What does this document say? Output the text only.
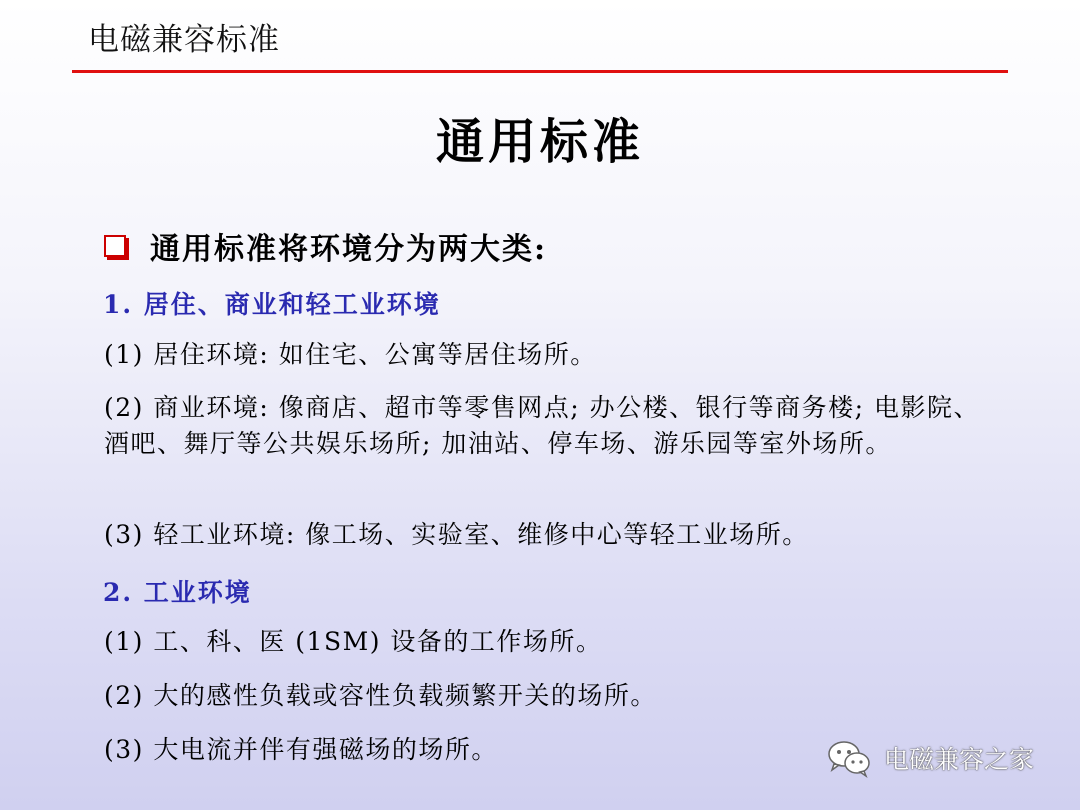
电磁兼容标准
通用标准
通用标准将环境分为两大类:
1. 居住、商业和轻工业环境
(1) 居住环境: 如住宅、公寓等居住场所。
(2) 商业环境: 像商店、超市等零售网点; 办公楼、银行等商务楼; 电影院、酒吧、舞厅等公共娱乐场所; 加油站、停车场、游乐园等室外场所。
(3) 轻工业环境: 像工场、实验室、维修中心等轻工业场所。
2. 工业环境
(1) 工、科、医 (1SM) 设备的工作场所。
(2) 大的感性负载或容性负载频繁开关的场所。
(3) 大电流并伴有强磁场的场所。	电磁兼容之家
